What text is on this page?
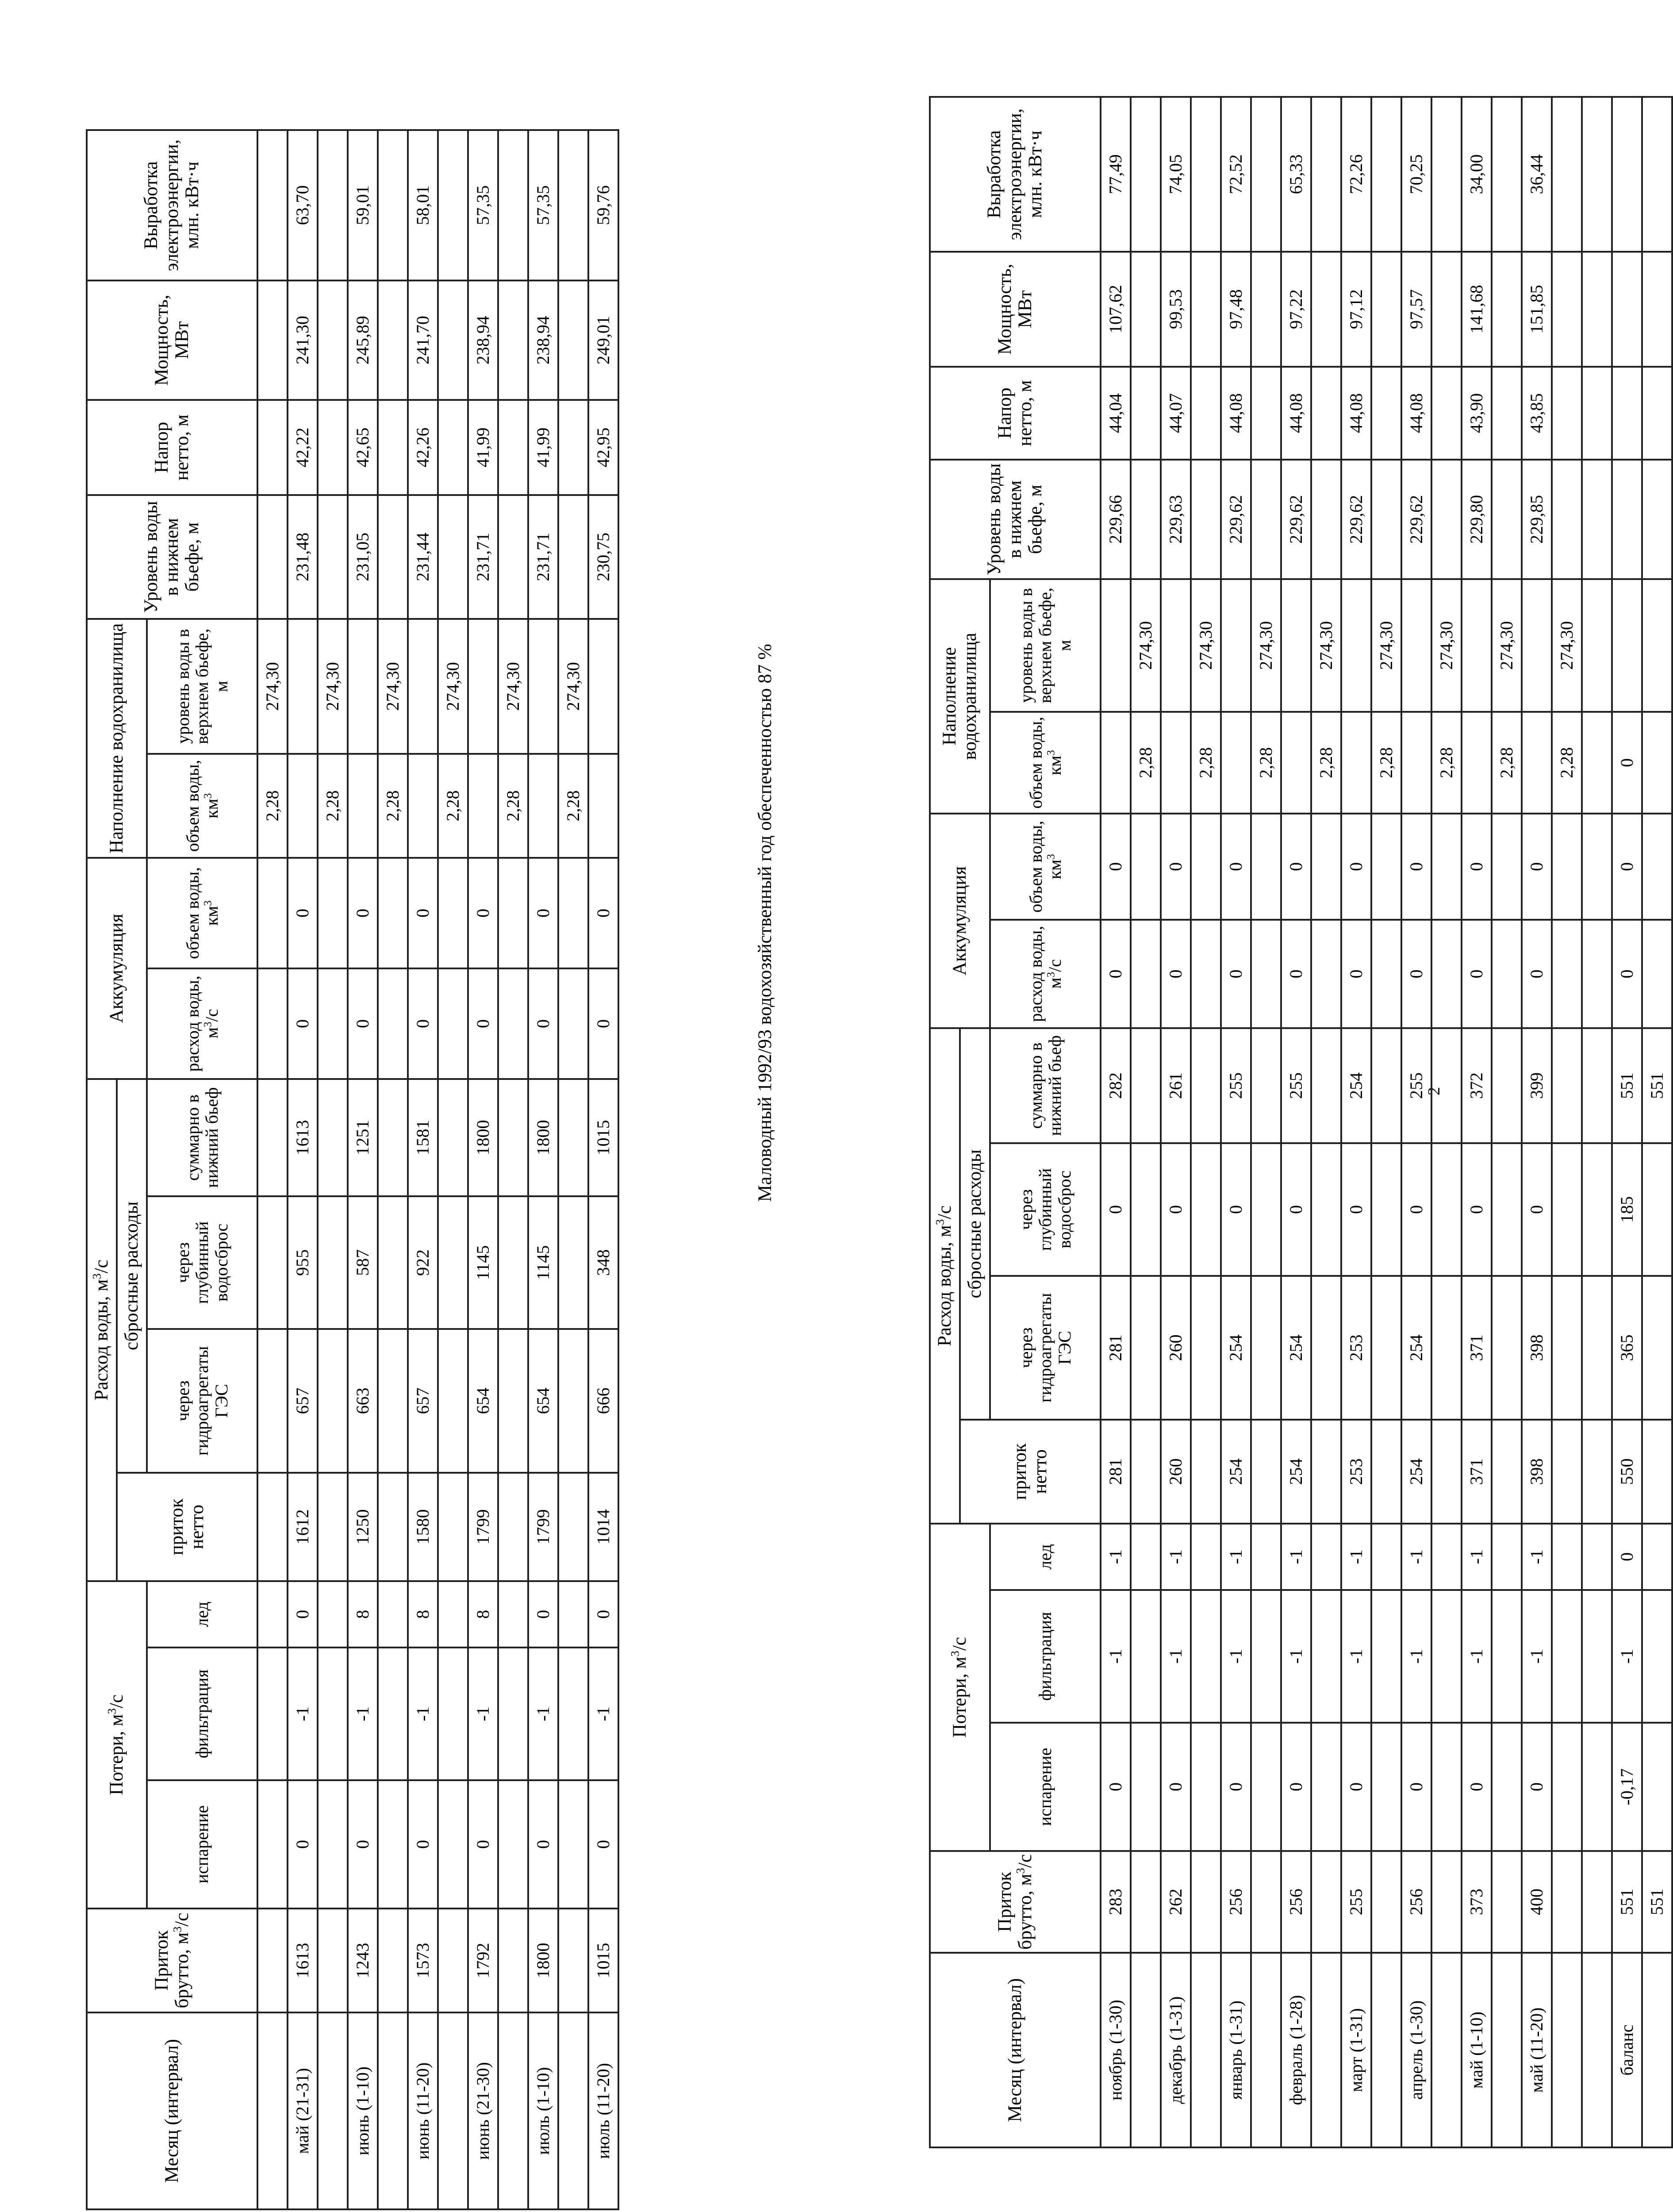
2
Месяц (интервал)	Приток брутто, $м^3/с$	Потери, $м^3/с$			Расход воды, $м^3/с$				Аккумуляция		Наполнение водохранилища		Уровень воды в нижнем бьефе, м	Напор нетто, м	Мощность, МВт	Выработка электроэнергии, млн. кВт·ч
					приток нетто	сбросные расходы										
		испарение	фильтрация	лед		через гидроагрегаты ГЭС	через глубинный водосброс	суммарно в нижний бьеф	расход воды, $м^3/с$	объем воды, $км^3$	объем воды, $км^3$	уровень воды в верхнем бьефе, м				
ноябрь (1-30)	283	0	-1	-1	281	281	0	282	0	0			229,66	44,04	107,62	77,49
											2,28	274,30				
декабрь (1-31)	262	0	-1	-1	260	260	0	261	0	0			229,63	44,07	99,53	74,05
											2,28	274,30				
январь (1-31)	256	0	-1	-1	254	254	0	255	0	0			229,62	44,08	97,48	72,52
											2,28	274,30				
февраль (1-28)	256	0	-1	-1	254	254	0	255	0	0			229,62	44,08	97,22	65,33
											2,28	274,30				
март (1-31)	255	0	-1	-1	253	253	0	254	0	0			229,62	44,08	97,12	72,26
											2,28	274,30				
апрель (1-30)	256	0	-1	-1	254	254	0	255	0	0			229,62	44,08	97,57	70,25
											2,28	274,30				
май (1-10)	373	0	-1	-1	371	371	0	372	0	0			229,80	43,90	141,68	34,00
											2,28	274,30				
май (11-20)	400	0	-1	-1	398	398	0	399	0	0			229,85	43,85	151,85	36,44
											2,28	274,30				

баланс	551	-0,17	-1	0	550	365	185	551	0	0	0					
	551							551								
Маловодный 1992/93 водохозяйственный год обеспеченностью 87 %
Месяц (интервал)	Приток брутто, $м^3/с$	Потери, $м^3/с$			Расход воды, $м^3/с$				Аккумуляция		Наполнение водохранилища		Уровень воды в нижнем бьефе, м	Напор нетто, м	Мощность, МВт	Выработка электроэнергии, млн. кВт·ч
					приток нетто	сбросные расходы										
		испарение	фильтрация	лед		через гидроагрегаты ГЭС	через глубинный водосброс	суммарно в нижний бьеф	расход воды, $м^3/с$	объем воды, $км^3$	объем воды, $км^3$	уровень воды в верхнем бьефе, м				
											2,28	274,30				
май (21-31)	1613	0	-1	0	1612	657	955	1613	0	0			231,48	42,22	241,30	63,70
											2,28	274,30				
июнь (1-10)	1243	0	-1	8	1250	663	587	1251	0	0			231,05	42,65	245,89	59,01
											2,28	274,30				
июнь (11-20)	1573	0	-1	8	1580	657	922	1581	0	0			231,44	42,26	241,70	58,01
											2,28	274,30				
июнь (21-30)	1792	0	-1	8	1799	654	1145	1800	0	0			231,71	41,99	238,94	57,35
											2,28	274,30				
июль (1-10)	1800	0	-1	0	1799	654	1145	1800	0	0			231,71	41,99	238,94	57,35
											2,28	274,30				
июль (11-20)	1015	0	-1	0	1014	666	348	1015	0	0			230,75	42,95	249,01	59,76
